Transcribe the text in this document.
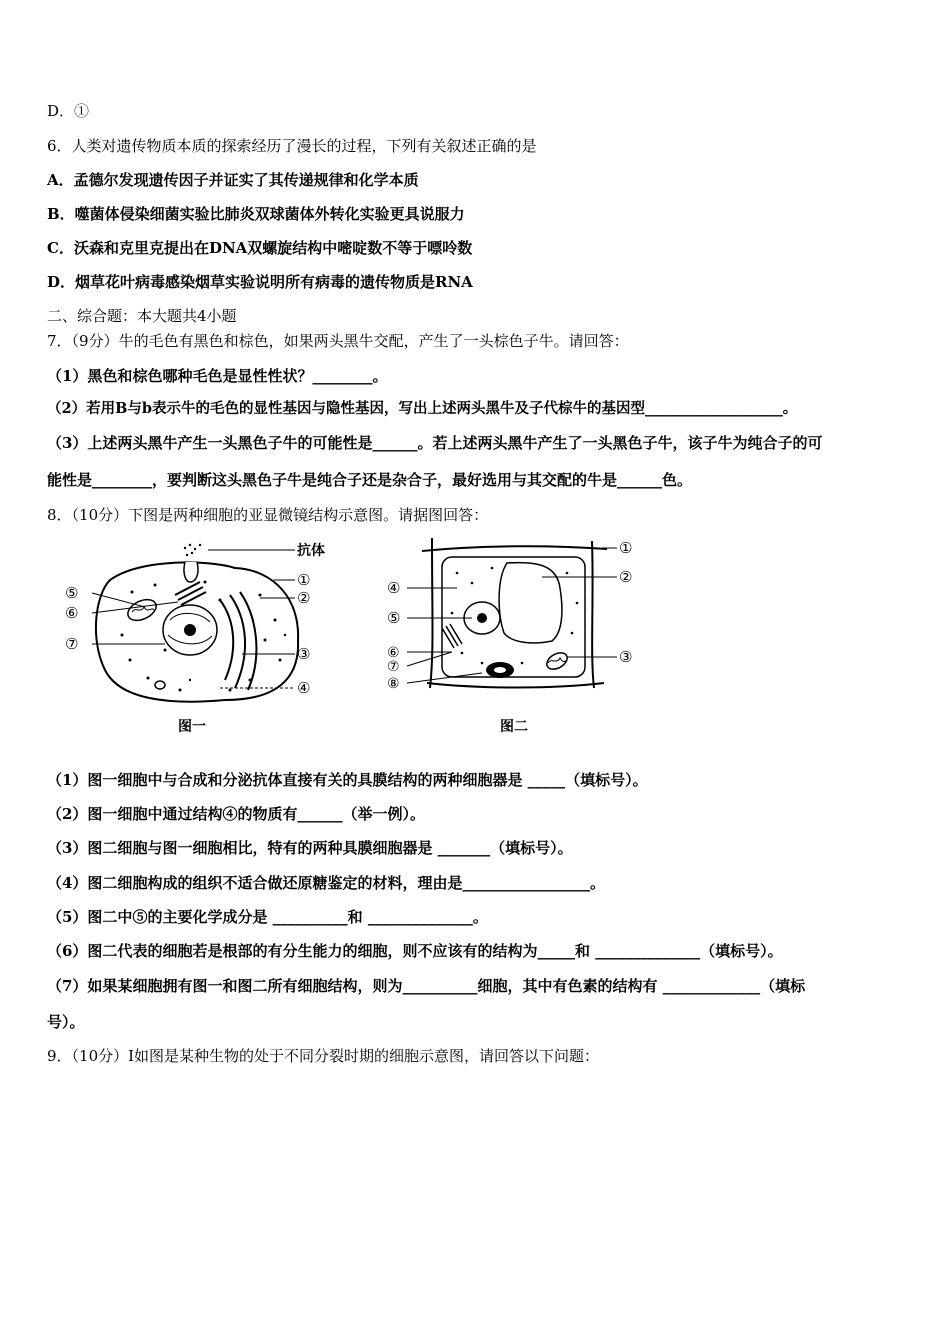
D．①
6．人类对遗传物质本质的探索经历了漫长的过程，下列有关叙述正确的是
A．孟德尔发现遗传因子并证实了其传递规律和化学本质
B．噬菌体侵染细菌实验比肺炎双球菌体外转化实验更具说服力
C．沃森和克里克提出在DNA双螺旋结构中嘧啶数不等于嘌呤数
D．烟草花叶病毒感染烟草实验说明所有病毒的遗传物质是RNA
二、综合题：本大题共4小题
7．（9分）牛的毛色有黑色和棕色，如果两头黑牛交配，产生了一头棕色子牛。请回答：
（1）黑色和棕色哪种毛色是显性性状？________。
（2）若用B与b表示牛的毛色的显性基因与隐性基因，写出上述两头黑牛及子代棕牛的基因型___________________。
（3）上述两头黑牛产生一头黑色子牛的可能性是______。若上述两头黑牛产生了一头黑色子牛，该子牛为纯合子的可
能性是________，要判断这头黑色子牛是纯合子还是杂合子，最好选用与其交配的牛是______色。
8．（10分）下图是两种细胞的亚显微镜结构示意图。请据图回答：
抗体
①
②
③
④
⑤
⑥
⑦
图一
①
②
③
④
⑤
⑥
⑦
⑧
图二
（1）图一细胞中与合成和分泌抗体直接有关的具膜结构的两种细胞器是 _____（填标号）。
（2）图一细胞中通过结构④的物质有______（举一例）。
（3）图二细胞与图一细胞相比，特有的两种具膜细胞器是 _______（填标号）。
（4）图二细胞构成的组织不适合做还原糖鉴定的材料，理由是_________________。
（5）图二中⑤的主要化学成分是 __________和 ______________。
（6）图二代表的细胞若是根部的有分生能力的细胞，则不应该有的结构为_____和 ______________（填标号）。
（7）如果某细胞拥有图一和图二所有细胞结构，则为__________细胞，其中有色素的结构有 _____________（填标
号）。
9．（10分）I如图是某种生物的处于不同分裂时期的细胞示意图，请回答以下问题：
